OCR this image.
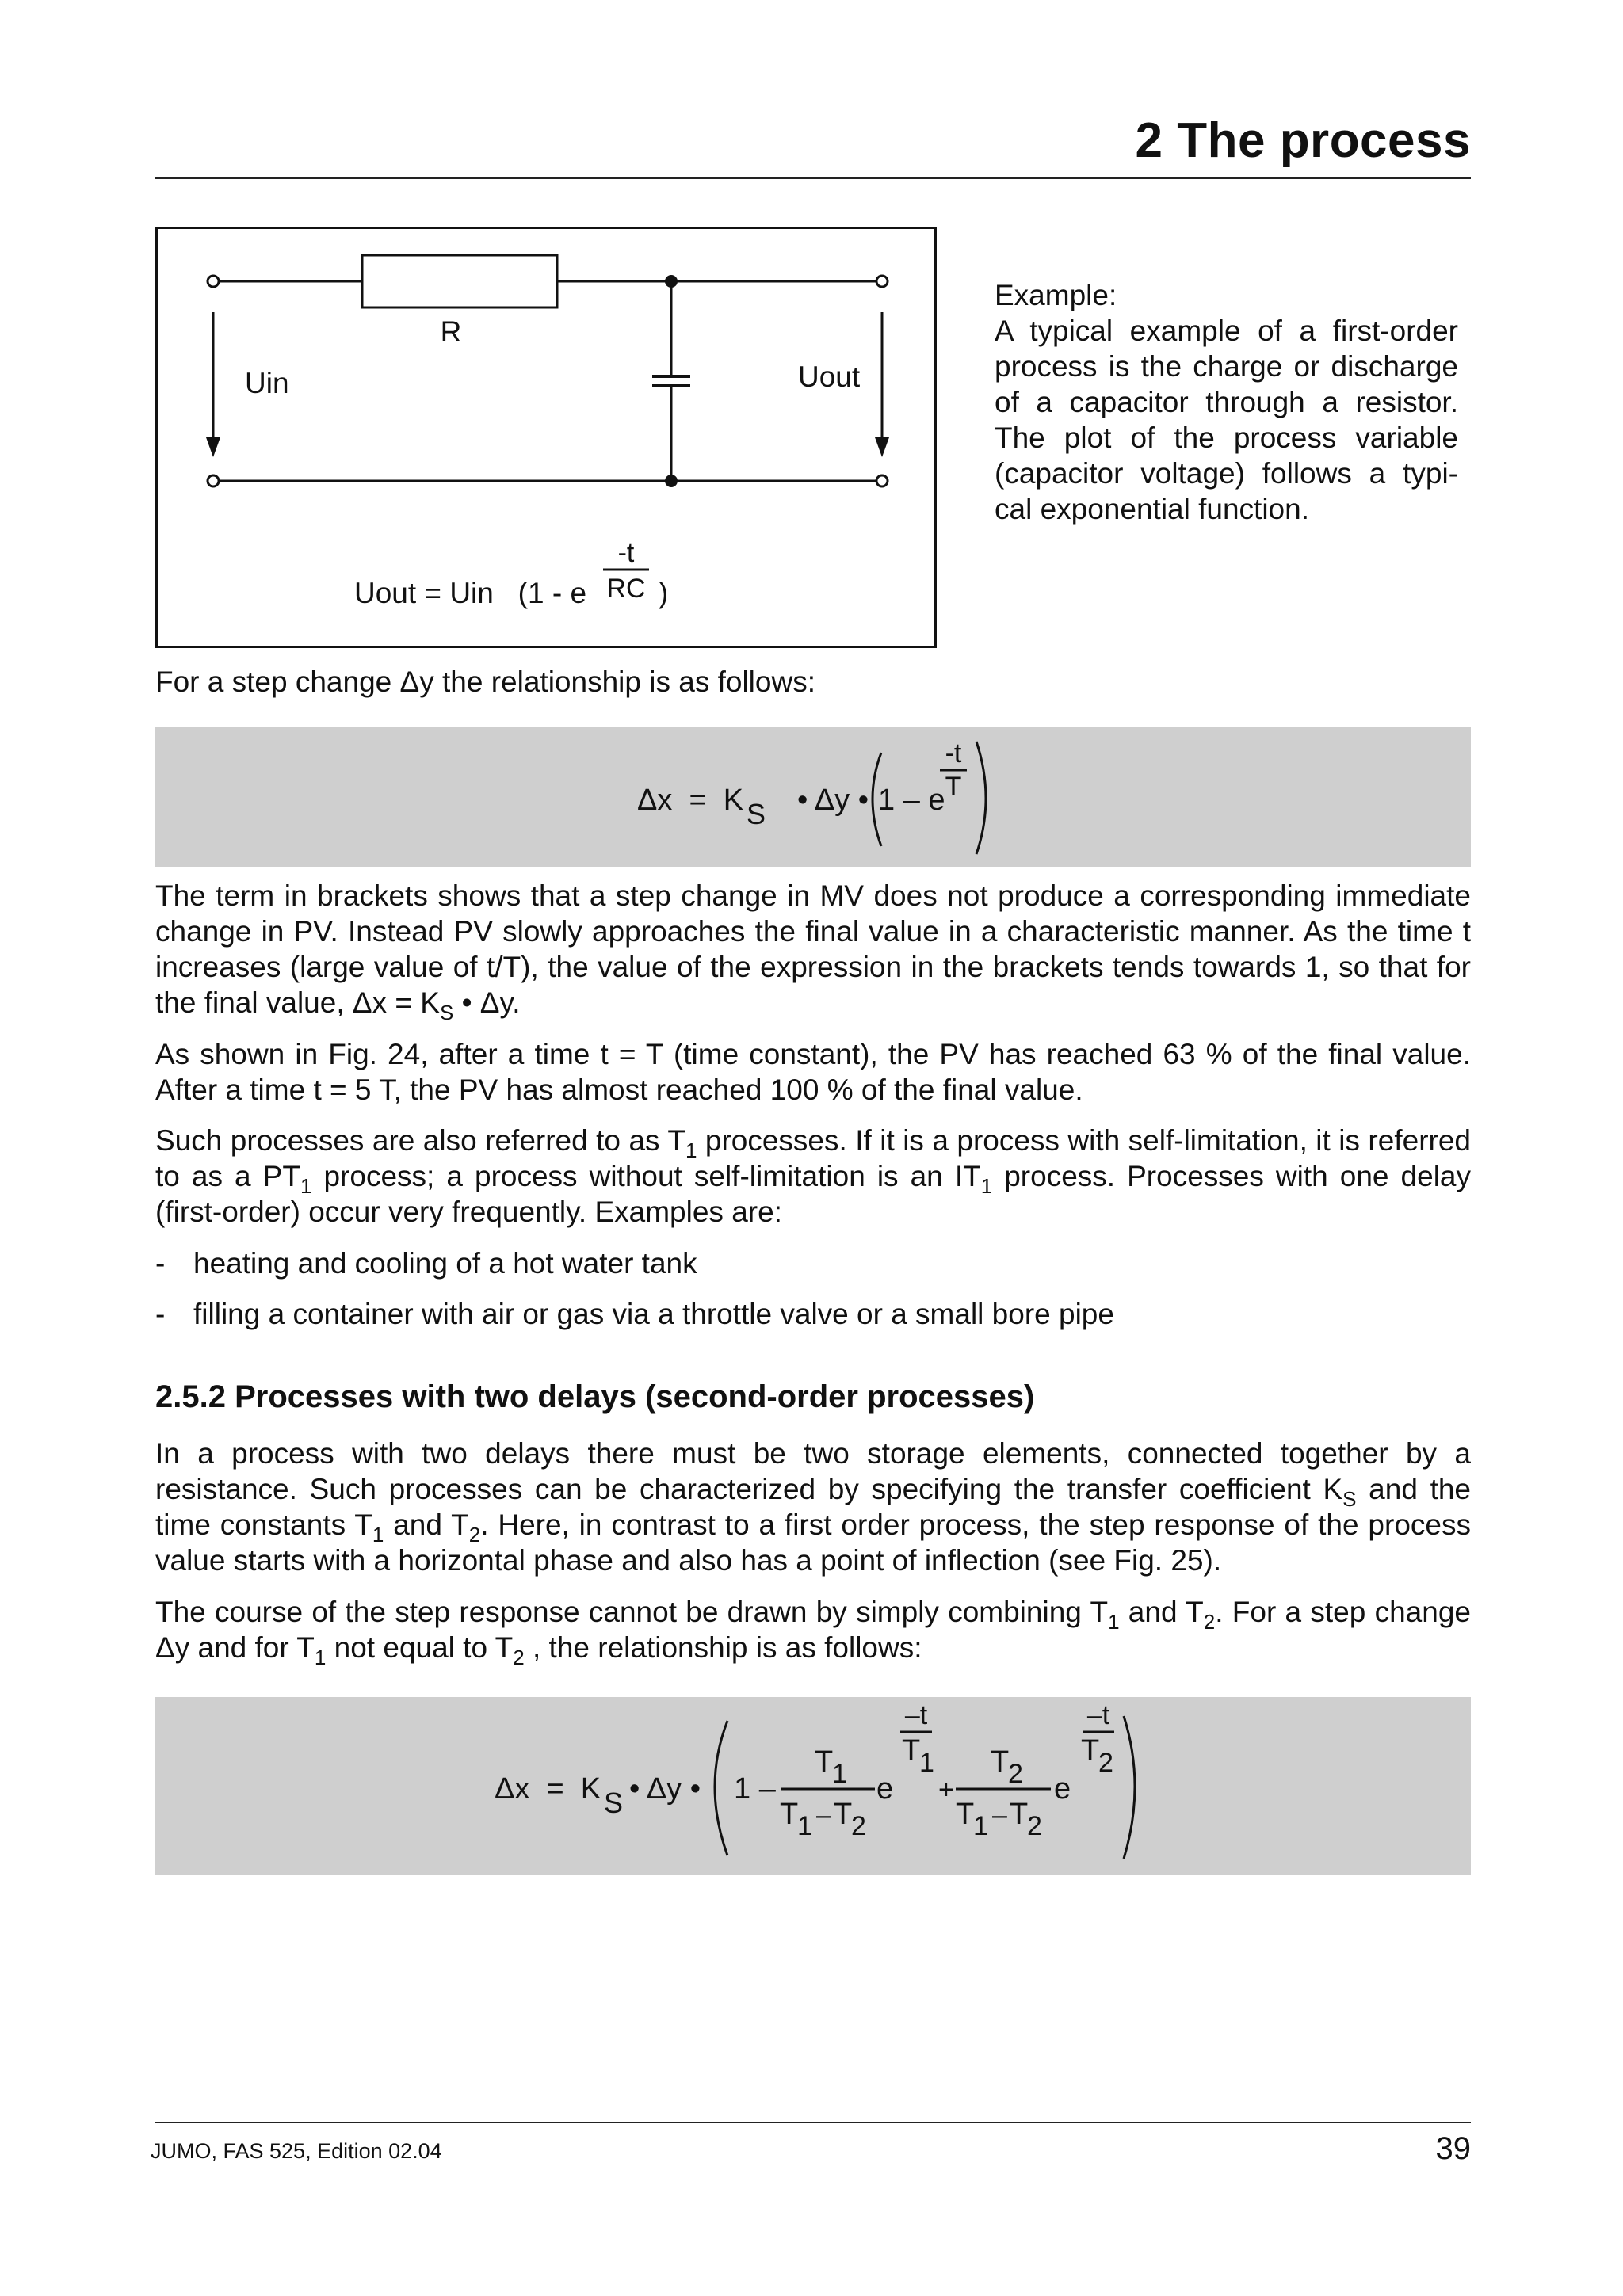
2 The process
R
Uin	Uout
Uout = Uin   (1 - e
-t
RC )
Example:
A typical example of a first-order
process is the charge or discharge
of a capacitor through a resistor.
The plot of the process variable
(capacitor voltage) follows a typi-
cal exponential function.
For a step change Δy the relationship is as follows:
Δx  =  K S • Δy • 1 – e
-t
T

The term in brackets shows that a step change in MV does not produce a corresponding immediate change in PV. Instead PV slowly approaches the final value in a characteristic manner. As the time t increases (large value of t/T), the value of the expression in the brackets tends towards 1, so that for the final value, $\Delta x = K_S$ • Δy.

As shown in Fig. 24, after a time t = T (time constant), the PV has reached 63 % of the final value. After a time t = 5 T, the PV has almost reached 100 % of the final value.

Such processes are also referred to as $T_1$ processes. If it is a process with self-limitation, it is referred to as a $PT_1$ process; a process without self-limitation is an $IT_1$ process. Processes with one delay (first-order) occur very frequently. Examples are:

- heating and cooling of a hot water tank
- filling a container with air or gas via a throttle valve or a small bore pipe
2.5.2 Processes with two delays (second-order processes)

In a process with two delays there must be two storage elements, connected together by a resistance. Such processes can be characterized by specifying the transfer coefficient $K_S$ and the time constants $T_1$ and $T_2$. Here, in contrast to a first order process, the step response of the process value starts with a horizontal phase and also has a point of inflection (see Fig. 25).

The course of the step response cannot be drawn by simply combining $T_1$ and $T_2$. For a step change Δy and for $T_1$ not equal to $T_2$ , the relationship is as follows:

Δx  =  K S • Δy • 1 –
T
1
T
1 – T
2
e
–t
T
1
+
T
2
T
1 – T
2
e
–t
T
2
JUMO, FAS 525, Edition 02.04	39
